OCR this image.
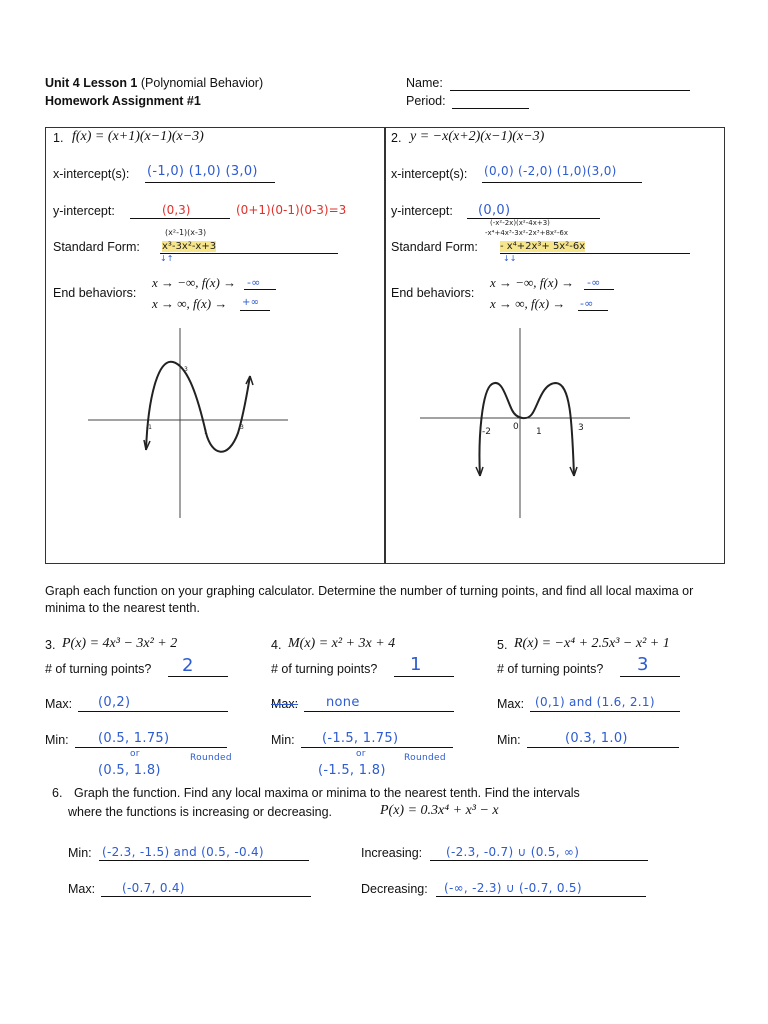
Unit 4 Lesson 1 (Polynomial Behavior)
Homework Assignment #1
Name:
Period:
1. f(x) = (x+1)(x−1)(x−3)
x-intercept(s): (-1,0) (1,0) (3,0)
y-intercept:	(0,3)	(0+1)(0-1)(0-3)=3
(x²-1)(x-3)
Standard Form: x³-3x²-x+3
↓↑
End behaviors:
x → −∞, f(x) → -∞
x → ∞, f(x) → +∞
-1
1
3
3
2. y = −x(x+2)(x−1)(x−3)
x-intercept(s): (0,0) (-2,0) (1,0)(3,0)
y-intercept: (0,0)
(-x²-2x)(x²-4x+3)
-x⁴+4x³-3x²-2x³+8x²-6x
Standard Form: - x⁴+2x³+ 5x²-6x
↓↓
End behaviors:
x → −∞, f(x) → -∞
x → ∞, f(x) → -∞
-2 0 1	3
Graph each function on your graphing calculator. Determine the number of turning points, and find all local maxima or minima to the nearest tenth.
3. P(x) = 4x³ − 3x² + 2
# of turning points? 2
Max: (0,2)
Min: (0.5, 1.75)
or
(0.5, 1.8)
Rounded
4. M(x) = x² + 3x + 4
# of turning points? 1
Max: none
Min: (-1.5, 1.75)
or
(-1.5, 1.8)
Rounded
5. R(x) = −x⁴ + 2.5x³ − x² + 1
# of turning points? 3
Max: (0,1) and (1.6, 2.1)
Min:	(0.3, 1.0)
6. Graph the function. Find any local maxima or minima to the nearest tenth. Find the intervals
where the functions is increasing or decreasing.	P(x) = 0.3x⁴ + x³ − x
Min: (-2.3, -1.5) and (0.5, -0.4)
Max: (-0.7, 0.4)
Increasing: (-2.3, -0.7) ∪ (0.5, ∞)
Decreasing: (-∞, -2.3) ∪ (-0.7, 0.5)
